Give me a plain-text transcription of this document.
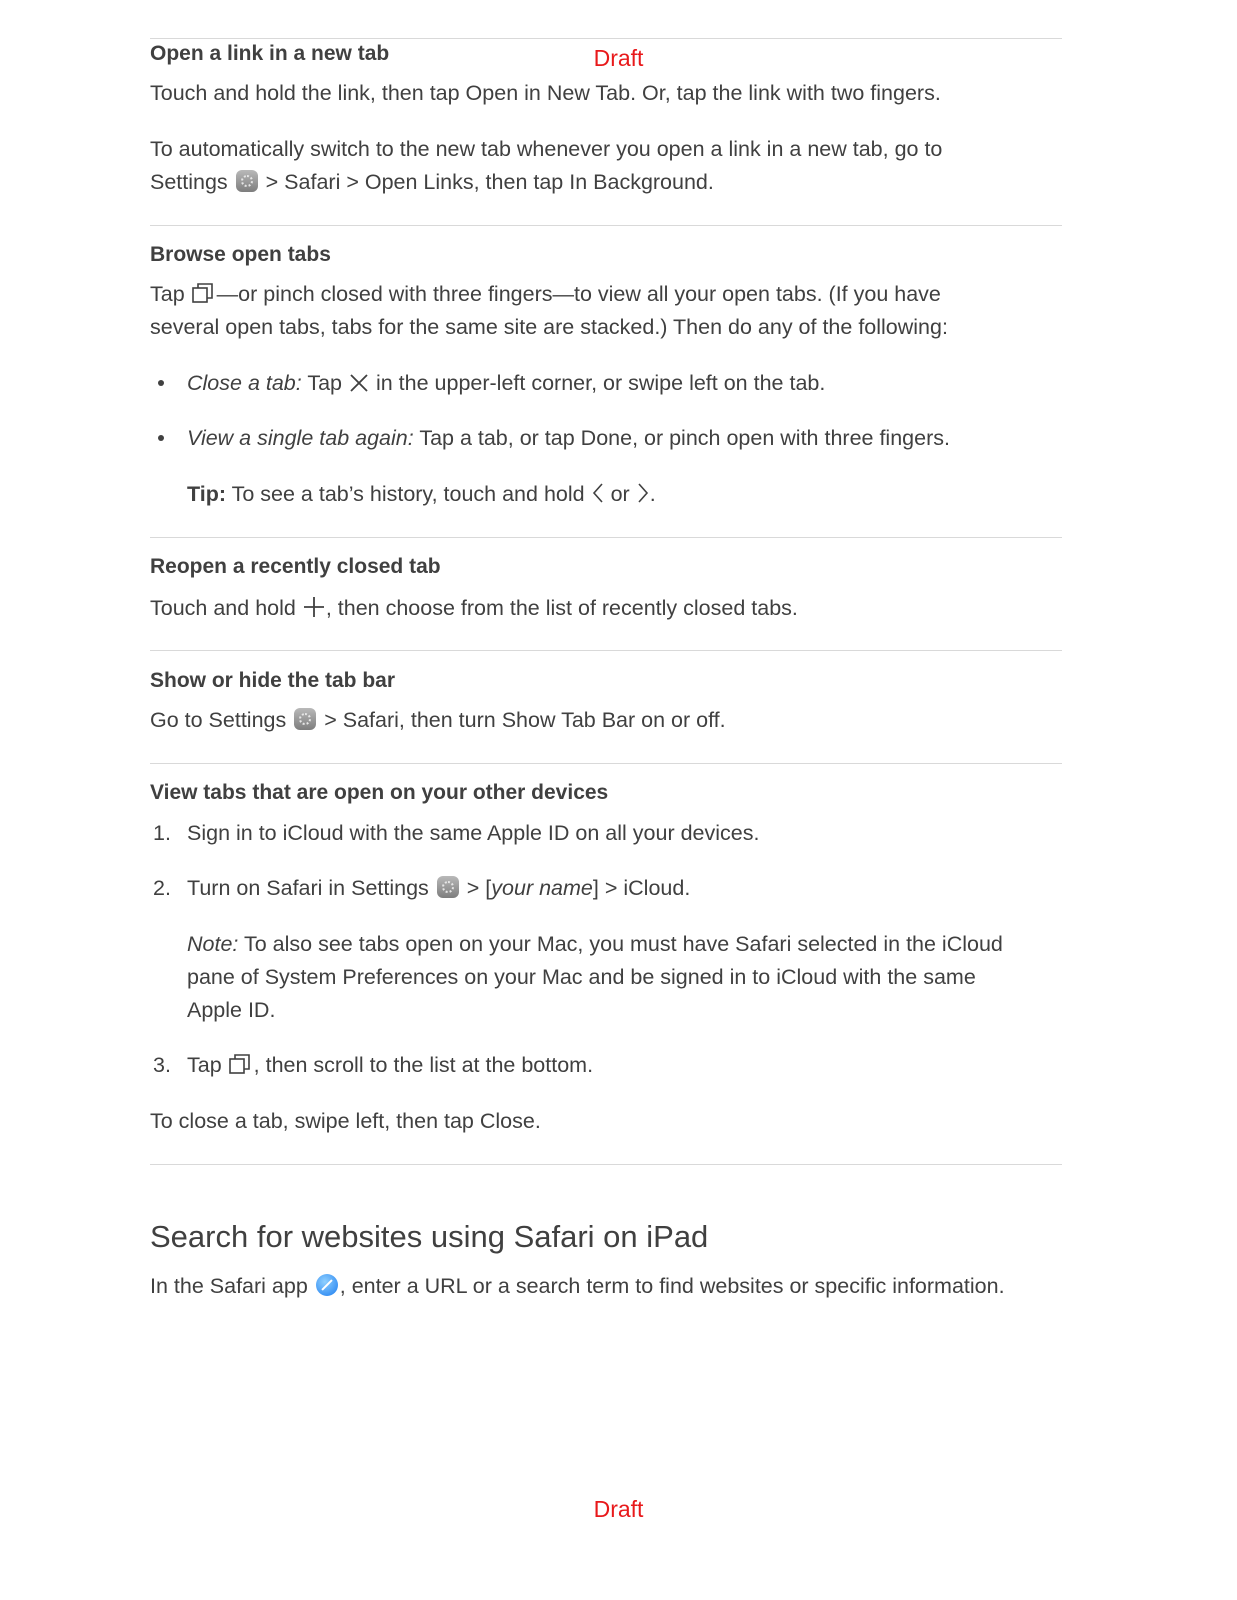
Draft
Draft
Open a link in a new tab
Touch and hold the link, then tap Open in New Tab. Or, tap the link with two fingers.
To automatically switch to the new tab whenever you open a link in a new tab, go to
Settings > Safari > Open Links, then tap In Background.
Browse open tabs
Tap —or pinch closed with three fingers—to view all your open tabs. (If you have
several open tabs, tabs for the same site are stacked.) Then do any of the following:
Close a tab: Tap in the upper-left corner, or swipe left on the tab.
View a single tab again: Tap a tab, or tap Done, or pinch open with three fingers.
Tip: To see a tab’s history, touch and hold or .
Reopen a recently closed tab
Touch and hold , then choose from the list of recently closed tabs.
Show or hide the tab bar
Go to Settings > Safari, then turn Show Tab Bar on or off.
View tabs that are open on your other devices
1. Sign in to iCloud with the same Apple ID on all your devices.
2. Turn on Safari in Settings > [your name] > iCloud.
Note: To also see tabs open on your Mac, you must have Safari selected in the iCloud
pane of System Preferences on your Mac and be signed in to iCloud with the same
Apple ID.
3. Tap , then scroll to the list at the bottom.
To close a tab, swipe left, then tap Close.
Search for websites using Safari on iPad
In the Safari app , enter a URL or a search term to find websites or specific information.
